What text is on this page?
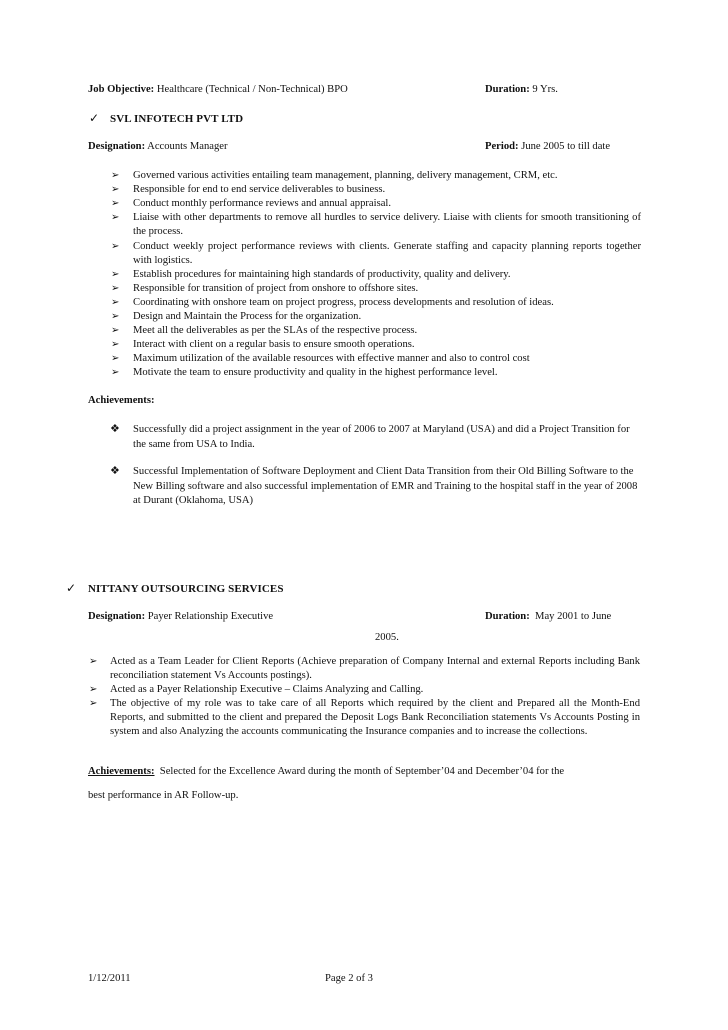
Job Objective: Healthcare (Technical / Non-Technical) BPO	Duration: 9 Yrs.
✓ SVL INFOTECH PVT LTD
Designation: Accounts Manager	Period: June 2005 to till date
➢ Governed various activities entailing team management, planning, delivery management, CRM, etc.
➢ Responsible for end to end service deliverables to business.
➢ Conduct monthly performance reviews and annual appraisal.
➢ Liaise with other departments to remove all hurdles to service delivery. Liaise with clients for smooth transitioning of the process.
➢ Conduct weekly project performance reviews with clients. Generate staffing and capacity planning reports together with logistics.
➢ Establish procedures for maintaining high standards of productivity, quality and delivery.
➢ Responsible for transition of project from onshore to offshore sites.
➢ Coordinating with onshore team on project progress, process developments and resolution of ideas.
➢ Design and Maintain the Process for the organization.
➢ Meet all the deliverables as per the SLAs of the respective process.
➢ Interact with client on a regular basis to ensure smooth operations.
➢ Maximum utilization of the available resources with effective manner and also to control cost
➢ Motivate the team to ensure productivity and quality in the highest performance level.
Achievements:
❖ Successfully did a project assignment in the year of 2006 to 2007 at Maryland (USA) and did a Project Transition for the same from USA to India.
❖ Successful Implementation of Software Deployment and Client Data Transition from their Old Billing Software to the New Billing software and also successful implementation of EMR and Training to the hospital staff in the year of 2008 at Durant (Oklahoma, USA)
✓ NITTANY OUTSOURCING SERVICES
Designation: Payer Relationship Executive	Duration: May 2001 to June
2005.
➢ Acted as a Team Leader for Client Reports (Achieve preparation of Company Internal and external Reports including Bank reconciliation statement Vs Accounts postings).
➢ Acted as a Payer Relationship Executive – Claims Analyzing and Calling.
➢ The objective of my role was to take care of all Reports which required by the client and Prepared all the Month-End Reports, and submitted to the client and prepared the Deposit Logs Bank Reconciliation statements Vs Accounts Posting in system and also Analyzing the accounts communicating the Insurance companies and to increase the collections.
Achievements: Selected for the Excellence Award during the month of September’04 and December’04 for the
best performance in AR Follow-up.
1/12/2011	Page 2 of 3
